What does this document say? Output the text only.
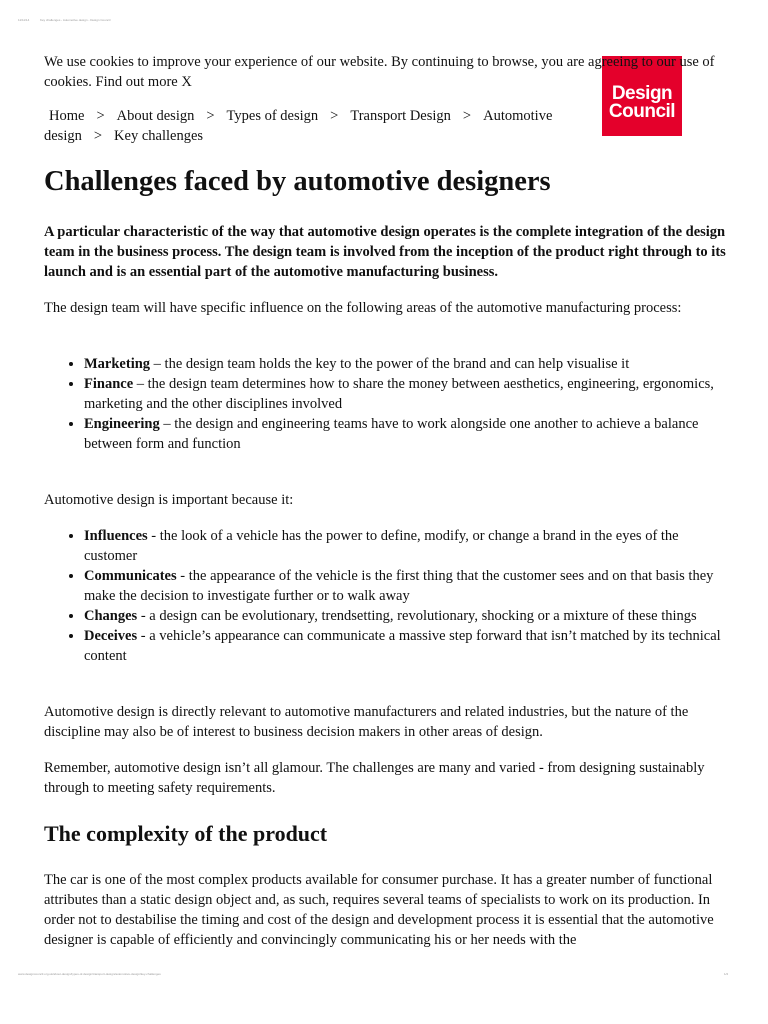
11/11/14	Key challenges - Automotive design - Design Council
Design
Council

We use cookies to improve your experience of our website. By continuing to browse, you are agreeing to our use of cookies. Find out more X

Home > About design > Types of design > Transport Design > Automotive design > Key challenges
Challenges faced by automotive designers

A particular characteristic of the way that automotive design operates is the complete integration of the design team in the business process. The design team is involved from the inception of the product right through to its launch and is an essential part of the automotive manufacturing business.

The design team will have specific influence on the following areas of the automotive manufacturing process:

• Marketing – the design team holds the key to the power of the brand and can help visualise it
• Finance – the design team determines how to share the money between aesthetics, engineering, ergonomics, marketing and the other disciplines involved
• Engineering – the design and engineering teams have to work alongside one another to achieve a balance between form and function

Automotive design is important because it:

• Influences - the look of a vehicle has the power to define, modify, or change a brand in the eyes of the customer
• Communicates - the appearance of the vehicle is the first thing that the customer sees and on that basis they make the decision to investigate further or to walk away
• Changes - a design can be evolutionary, trendsetting, revolutionary, shocking or a mixture of these things
• Deceives - a vehicle’s appearance can communicate a massive step forward that isn’t matched by its technical content

Automotive design is directly relevant to automotive manufacturers and related industries, but the nature of the discipline may also be of interest to business decision makers in other areas of design.

Remember, automotive design isn’t all glamour. The challenges are many and varied - from designing sustainably through to meeting safety requirements.

The complexity of the product

The car is one of the most complex products available for consumer purchase. It has a greater number of functional attributes than a static design object and, as such, requires several teams of specialists to work on its production. In order not to destabilise the timing and cost of the design and development process it is essential that the automotive designer is capable of efficiently and convincingly communicating his or her needs with the

www.designcouncil.org.uk/about-design/types-of-design/transport-design/automotive-design/key-challenges	1/2
